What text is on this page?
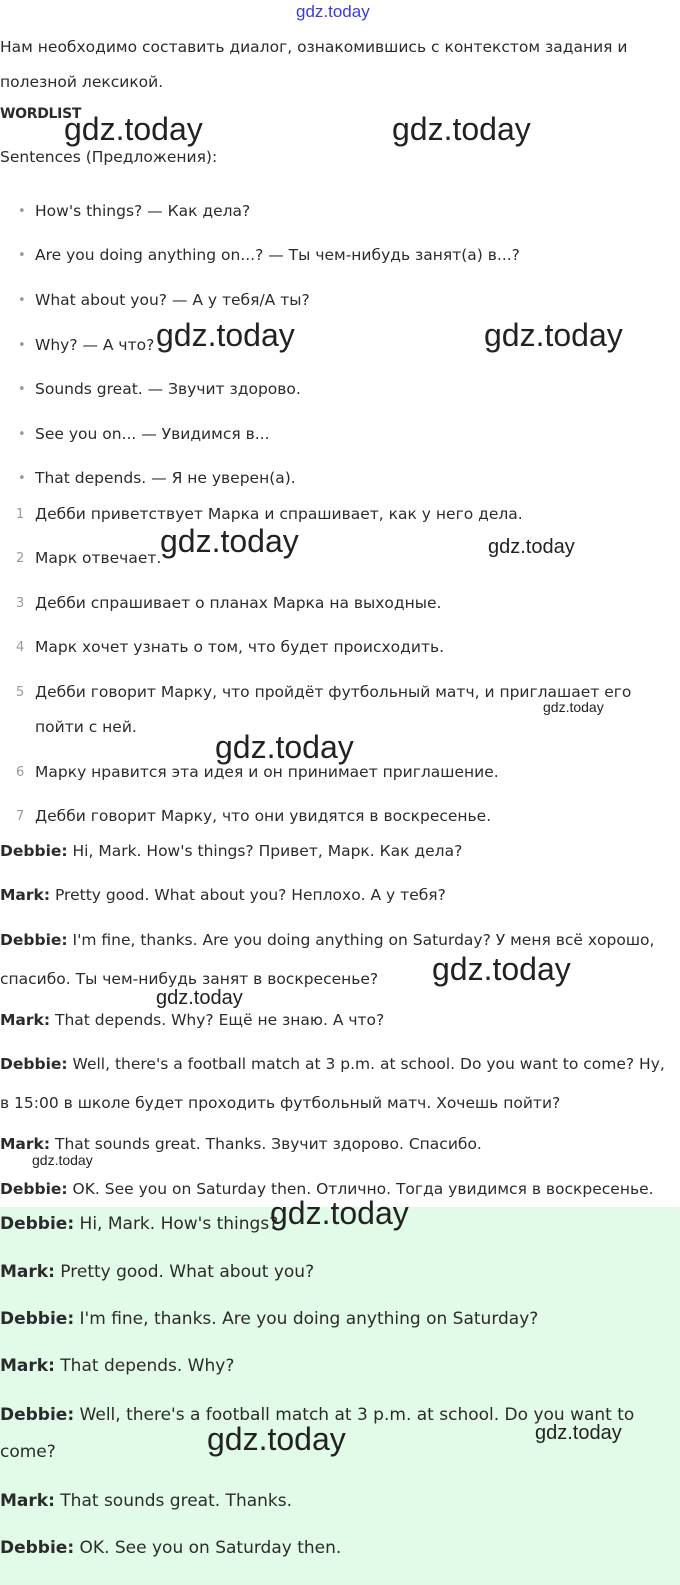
gdz.today
Нам необходимо составить диалог, ознакомившись с контекстом задания и полезной лексикой.
WORDLIST
Sentences (Предложения):
• How's things? — Как дела?
• Are you doing anything on...? — Ты чем-нибудь занят(а) в...?
• What about you? — А у тебя/А ты?
• Why? — А что?
• Sounds great. — Звучит здорово.
• See you on... — Увидимся в...
• That depends. — Я не уверен(а).
1 Дебби приветствует Марка и спрашивает, как у него дела.
2 Марк отвечает.
3 Дебби спрашивает о планах Марка на выходные.
4 Марк хочет узнать о том, что будет происходить.
5 Дебби говорит Марку, что пройдёт футбольный матч, и приглашает его пойти с ней.
6 Марку нравится эта идея и он принимает приглашение.
7 Дебби говорит Марку, что они увидятся в воскресенье.
Debbie: Hi, Mark. How's things? Привет, Марк. Как дела?
Mark: Pretty good. What about you? Неплохо. А у тебя?
Debbie: I'm fine, thanks. Are you doing anything on Saturday? У меня всё хорошо, спасибо. Ты чем-нибудь занят в воскресенье?
Mark: That depends. Why? Ещё не знаю. А что?
Debbie: Well, there's a football match at 3 p.m. at school. Do you want to come? Ну, в 15:00 в школе будет проходить футбольный матч. Хочешь пойти?
Mark: That sounds great. Thanks. Звучит здорово. Спасибо.
Debbie: OK. See you on Saturday then. Отлично. Тогда увидимся в воскресенье.
Debbie: Hi, Mark. How's things?
Mark: Pretty good. What about you?
Debbie: I'm fine, thanks. Are you doing anything on Saturday?
Mark: That depends. Why?
Debbie: Well, there's a football match at 3 p.m. at school. Do you want to come?
Mark: That sounds great. Thanks.
Debbie: OK. See you on Saturday then.
gdz.today	gdz.today
gdz.today	gdz.today
gdz.today	gdz.today
gdz.today
gdz.today
gdz.today
gdz.today
gdz.today
gdz.today
gdz.today	gdz.today
